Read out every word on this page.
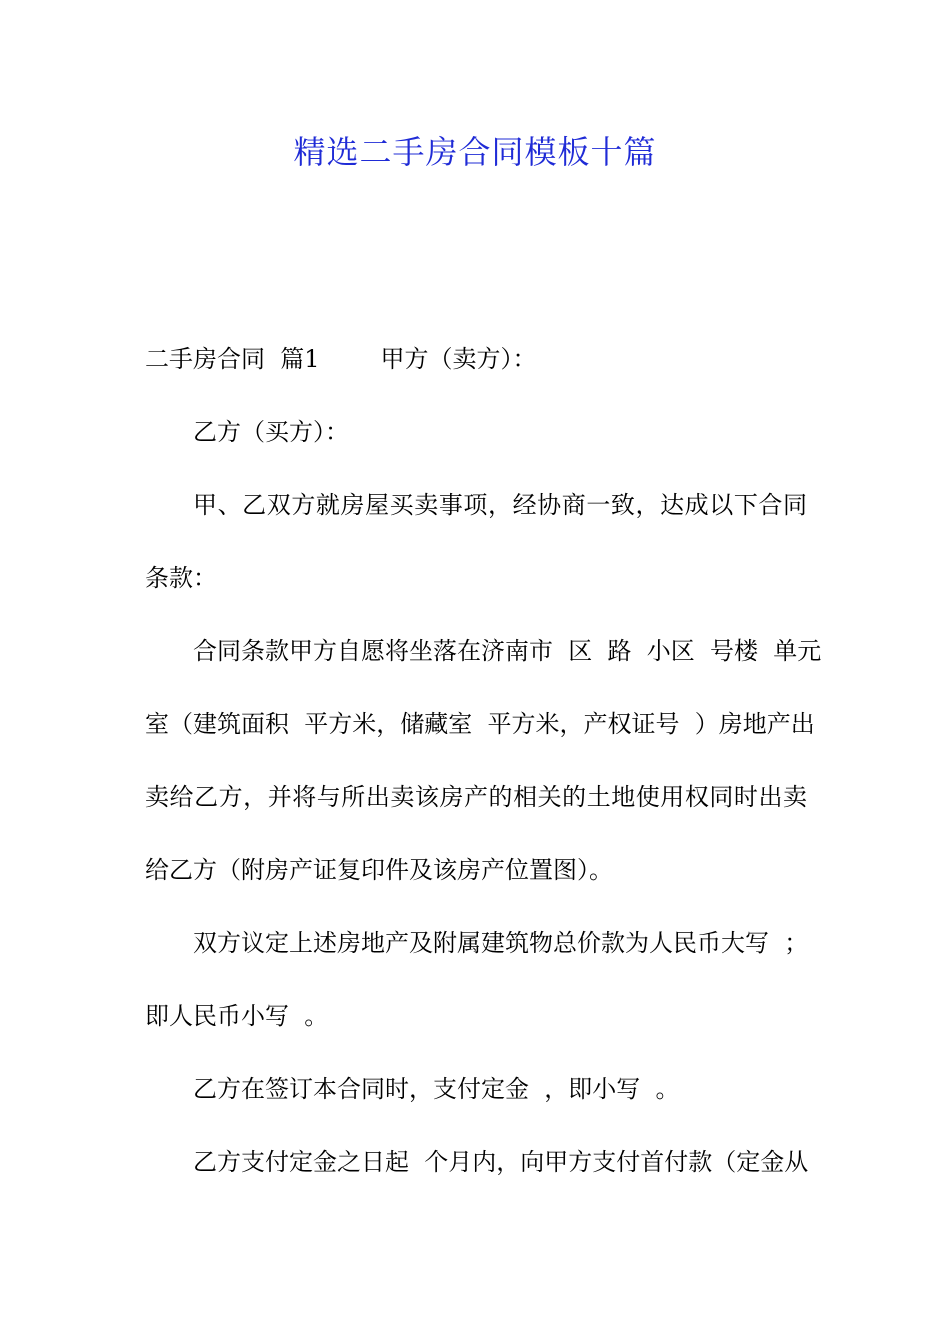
精选二手房合同模板十篇
二手房合同  篇1        甲方（卖方）：
乙方（买方）：
甲、乙双方就房屋买卖事项，经协商一致，达成以下合同
条款：
合同条款甲方自愿将坐落在济南市  区  路  小区  号楼  单元
室（建筑面积  平方米，储藏室  平方米，产权证号  ）房地产出
卖给乙方，并将与所出卖该房产的相关的土地使用权同时出卖
给乙方（附房产证复印件及该房产位置图）。
双方议定上述房地产及附属建筑物总价款为人民币大写  ；
即人民币小写  。
乙方在签订本合同时，支付定金  ，即小写  。
乙方支付定金之日起  个月内，向甲方支付首付款（定金从
